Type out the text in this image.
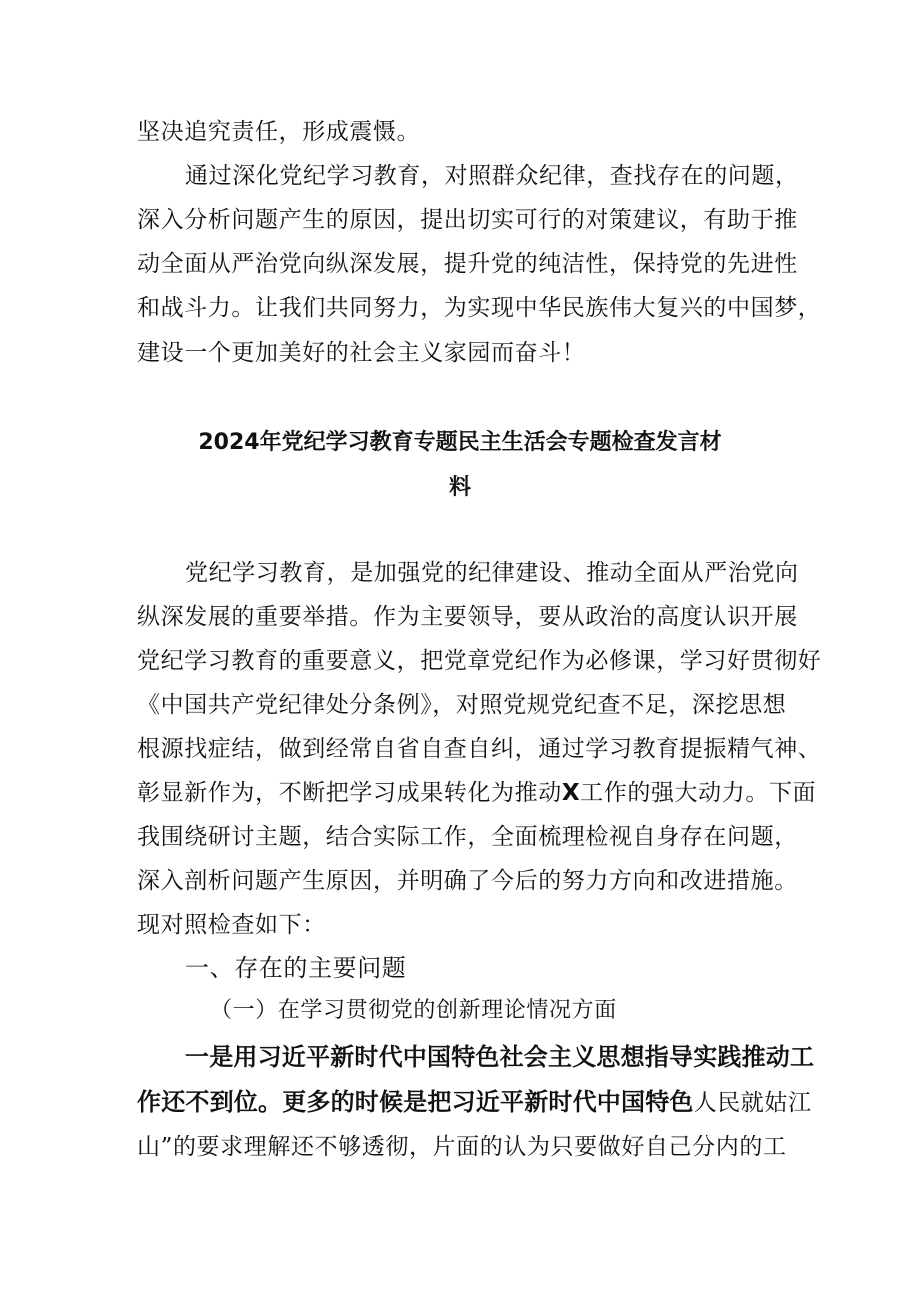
坚决追究责任，形成震慑。
通过深化党纪学习教育，对照群众纪律，查找存在的问题，
深入分析问题产生的原因，提出切实可行的对策建议，有助于推
动全面从严治党向纵深发展，提升党的纯洁性，保持党的先进性
和战斗力。让我们共同努力，为实现中华民族伟大复兴的中国梦，
建设一个更加美好的社会主义家园而奋斗！
2024年党纪学习教育专题民主生活会专题检查发言材
料
党纪学习教育，是加强党的纪律建设、推动全面从严治党向
纵深发展的重要举措。作为主要领导，要从政治的高度认识开展
党纪学习教育的重要意义，把党章党纪作为必修课，学习好贯彻好
《中国共产党纪律处分条例》，对照党规党纪查不足，深挖思想
根源找症结，做到经常自省自查自纠，通过学习教育提振精气神、
彰显新作为，不断把学习成果转化为推动X工作的强大动力。下面
我围绕研讨主题，结合实际工作，全面梳理检视自身存在问题，
深入剖析问题产生原因，并明确了今后的努力方向和改进措施。
现对照检查如下：
一、存在的主要问题
（一）在学习贯彻党的创新理论情况方面
一是用习近平新时代中国特色社会主义思想指导实践推动工
作还不到位。更多的时候是把习近平新时代中国特色人民就姑江
山”的要求理解还不够透彻，片面的认为只要做好自己分内的工
